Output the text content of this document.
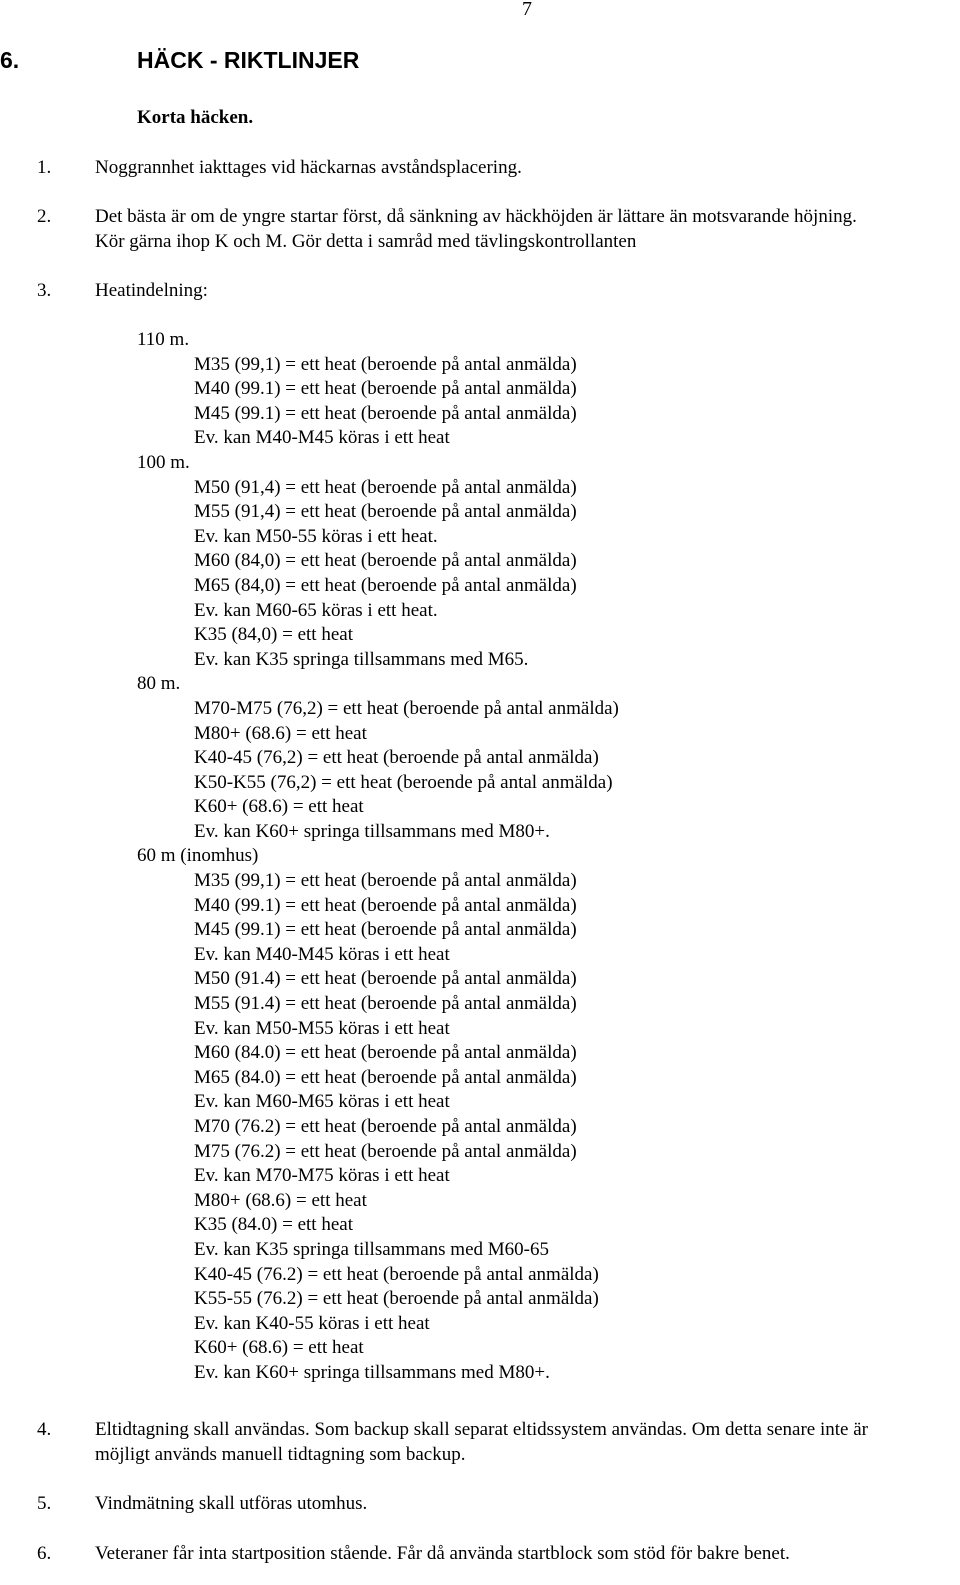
7
6.	HÄCK - RIKTLINJER
Korta häcken.
1. Noggrannhet iakttages vid häckarnas avståndsplacering.
2. Det bästa är om de yngre startar först, då sänkning av häckhöjden är lättare än motsvarande höjning.
Kör gärna ihop K och M. Gör detta i samråd med tävlingskontrollanten
3. Heatindelning:
110 m.
M35 (99,1) = ett heat (beroende på antal anmälda)
M40 (99.1) = ett heat (beroende på antal anmälda)
M45 (99.1) = ett heat (beroende på antal anmälda)
Ev. kan M40-M45 köras i ett heat
100 m.
M50 (91,4) = ett heat (beroende på antal anmälda)
M55 (91,4) = ett heat (beroende på antal anmälda)
Ev. kan M50-55 köras i ett heat.
M60 (84,0) = ett heat (beroende på antal anmälda)
M65 (84,0) = ett heat (beroende på antal anmälda)
Ev. kan M60-65 köras i ett heat.
K35 (84,0) = ett heat
Ev. kan K35 springa tillsammans med M65.
80 m.
M70-M75 (76,2) = ett heat (beroende på antal anmälda)
M80+ (68.6) = ett heat
K40-45 (76,2) = ett heat (beroende på antal anmälda)
K50-K55 (76,2) = ett heat (beroende på antal anmälda)
K60+ (68.6) = ett heat
Ev. kan K60+ springa tillsammans med M80+.
60 m (inomhus)
M35 (99,1) = ett heat (beroende på antal anmälda)
M40 (99.1) = ett heat (beroende på antal anmälda)
M45 (99.1) = ett heat (beroende på antal anmälda)
Ev. kan M40-M45 köras i ett heat
M50 (91.4) = ett heat (beroende på antal anmälda)
M55 (91.4) = ett heat (beroende på antal anmälda)
Ev. kan M50-M55 köras i ett heat
M60 (84.0) = ett heat (beroende på antal anmälda)
M65 (84.0) = ett heat (beroende på antal anmälda)
Ev. kan M60-M65 köras i ett heat
M70 (76.2) = ett heat (beroende på antal anmälda)
M75 (76.2) = ett heat (beroende på antal anmälda)
Ev. kan M70-M75 köras i ett heat
M80+ (68.6) = ett heat
K35 (84.0) = ett heat
Ev. kan K35 springa tillsammans med M60-65
K40-45 (76.2) = ett heat (beroende på antal anmälda)
K55-55 (76.2) = ett heat (beroende på antal anmälda)
Ev. kan K40-55 köras i ett heat
K60+ (68.6) = ett heat
Ev. kan K60+ springa tillsammans med M80+.
4. Eltidtagning skall användas. Som backup skall separat eltidssystem användas. Om detta senare inte är
möjligt används manuell tidtagning som backup.
5. Vindmätning skall utföras utomhus.
6. Veteraner får inta startposition stående. Får då använda startblock som stöd för bakre benet.
